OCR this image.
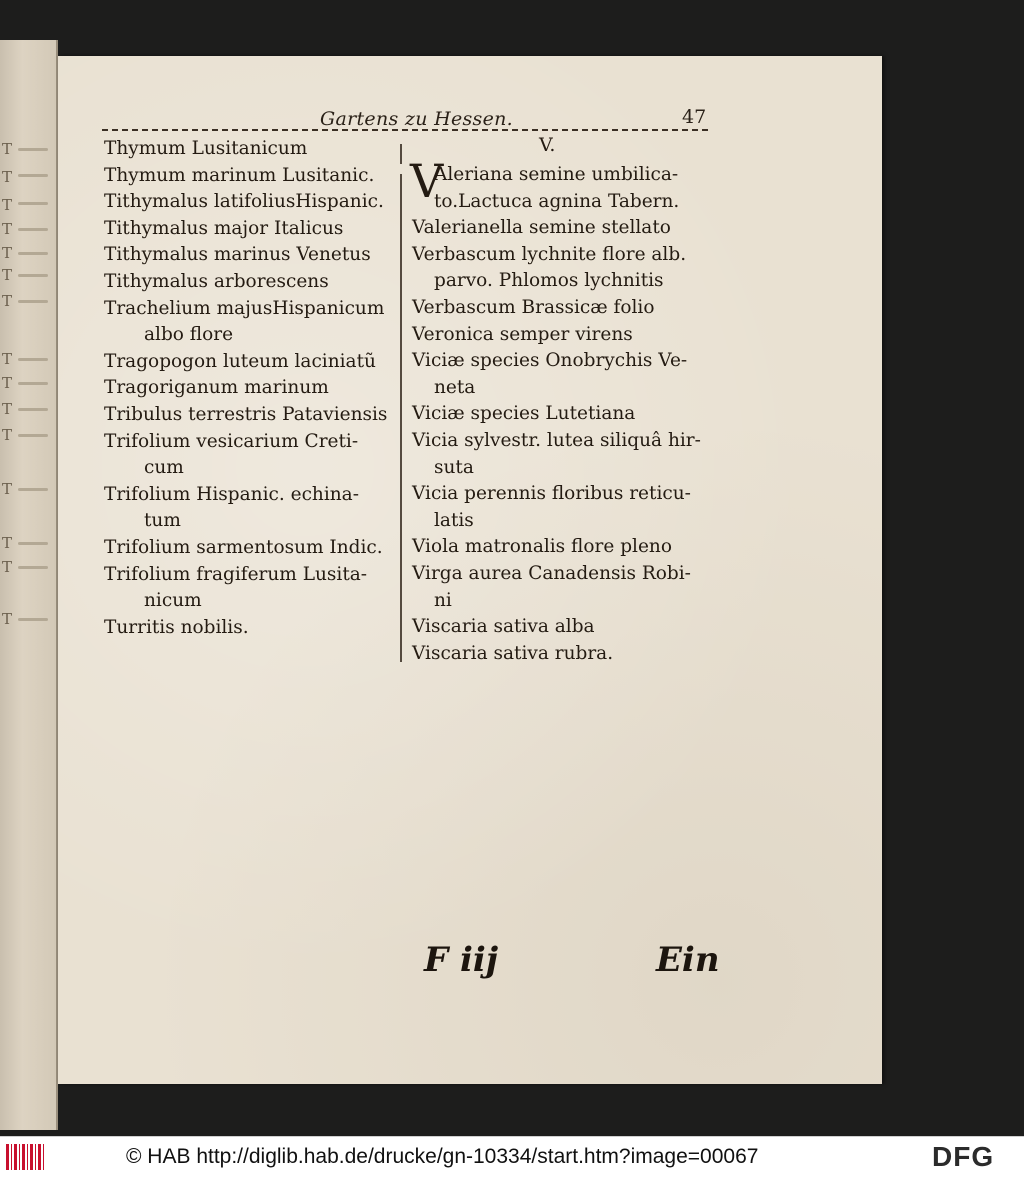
T
T
T
T
T
T
T
T
T
T
T
T
T
T
T
Gartens zu Hessen.	47
Thymum Lusitanicum
Thymum marinum Lusitanic.
Tithymalus latifoliusHispanic.
Tithymalus major Italicus
Tithymalus marinus Venetus
Tithymalus arborescens
Trachelium majusHispanicum
albo flore
Tragopogon luteum laciniatũ
Tragoriganum marinum
Tribulus terrestris Pataviensis
Trifolium vesicarium Creti-
cum
Trifolium Hispanic. echina-
tum
Trifolium sarmentosum Indic.
Trifolium fragiferum Lusita-
nicum
Turritis nobilis.
V.
V
Aleriana semine umbilica-
to.Lactuca agnina Tabern.
Valerianella semine stellato
Verbascum lychnite flore alb.
parvo. Phlomos lychnitis
Verbascum Brassicæ folio
Veronica semper virens
Viciæ species Onobrychis Ve-
neta
Viciæ species Lutetiana
Vicia sylvestr. lutea siliquâ hir-
suta
Vicia perennis floribus reticu-
latis
Viola matronalis flore pleno
Virga aurea Canadensis Robi-
ni
Viscaria sativa alba
Viscaria sativa rubra.
F iij	Ein
© HAB http://diglib.hab.de/drucke/gn-10334/start.htm?image=00067	DFG
